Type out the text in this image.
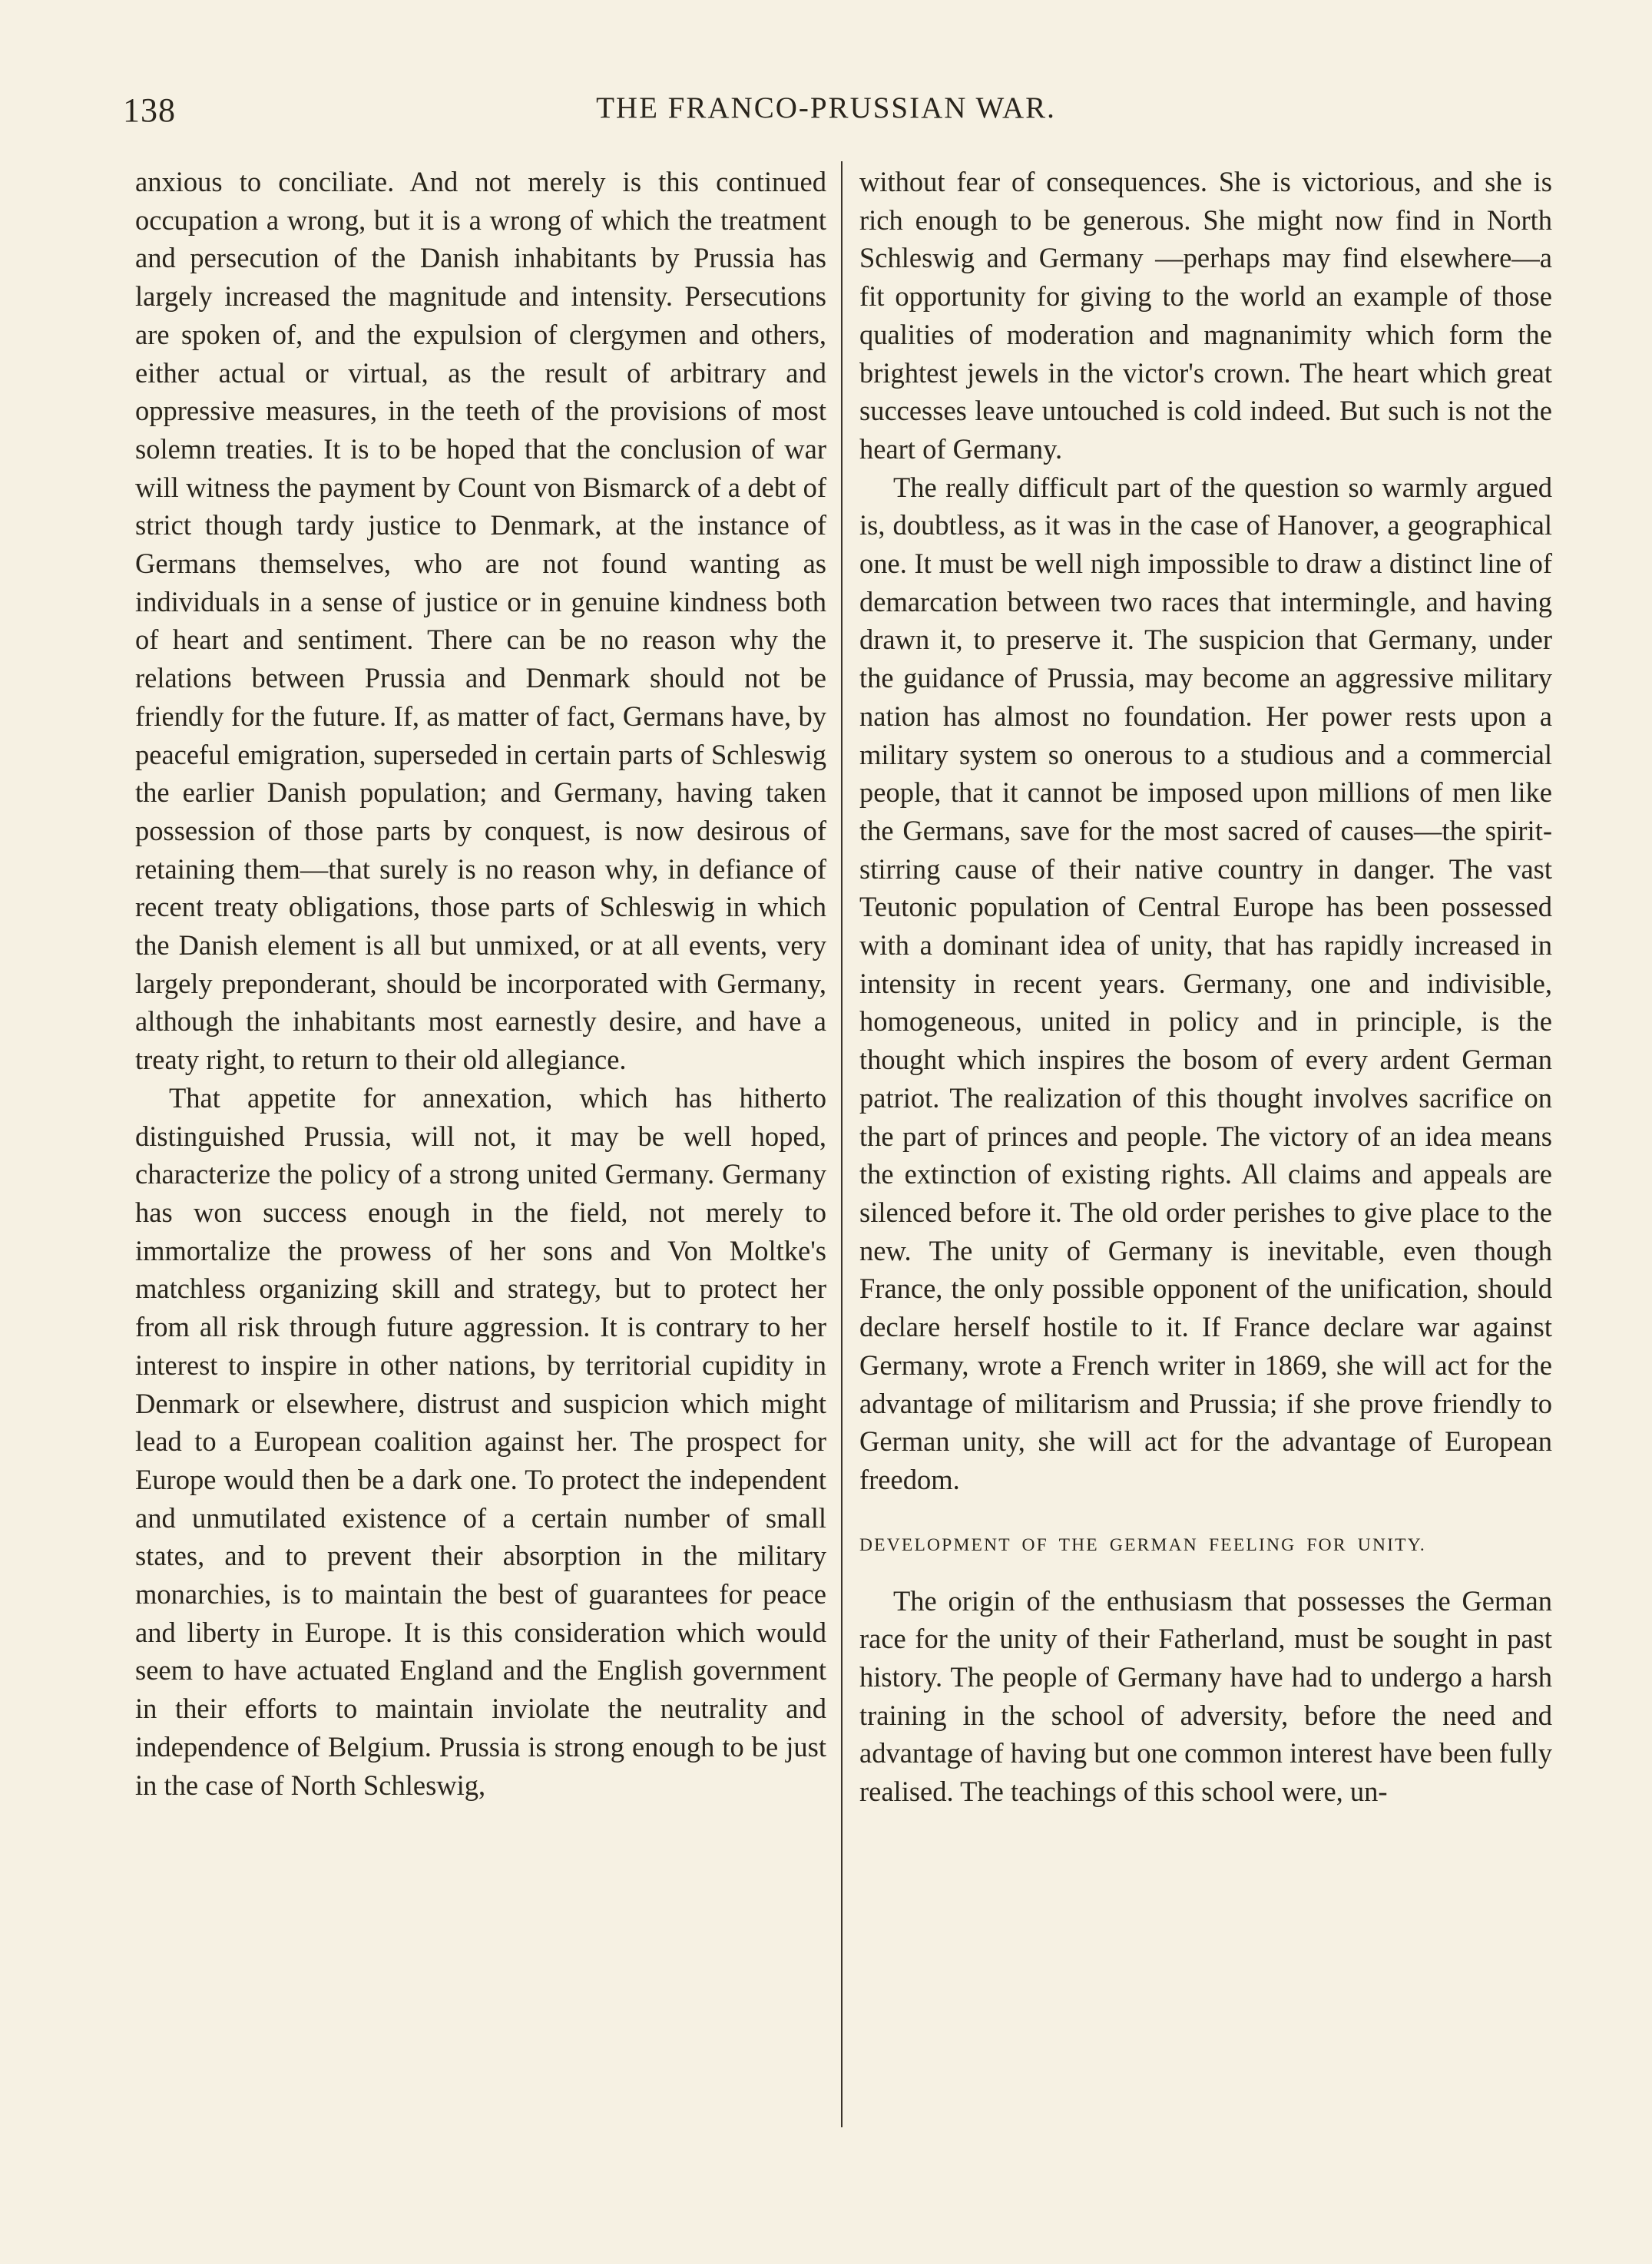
138	THE FRANCO-PRUSSIAN WAR.

anxious to conciliate. And not merely is this continued occupation a wrong, but it is a wrong of which the treatment and persecution of the Danish inhabitants by Prussia has largely increased the magnitude and intensity. Persecutions are spoken of, and the expulsion of clergymen and others, either actual or virtual, as the result of arbitrary and oppressive measures, in the teeth of the provisions of most solemn treaties. It is to be hoped that the conclusion of war will witness the payment by Count von Bismarck of a debt of strict though tardy justice to Denmark, at the instance of Germans themselves, who are not found wanting as individuals in a sense of justice or in genuine kindness both of heart and sentiment. There can be no reason why the relations between Prussia and Denmark should not be friendly for the future. If, as matter of fact, Germans have, by peaceful emigration, superseded in certain parts of Schleswig the earlier Danish population; and Germany, having taken possession of those parts by conquest, is now desirous of retaining them—that surely is no reason why, in defiance of recent treaty obligations, those parts of Schleswig in which the Danish element is all but unmixed, or at all events, very largely preponderant, should be incorporated with Germany, although the inhabitants most earnestly desire, and have a treaty right, to return to their old allegiance.

That appetite for annexation, which has hitherto distinguished Prussia, will not, it may be well hoped, characterize the policy of a strong united Germany. Germany has won success enough in the field, not merely to immortalize the prowess of her sons and Von Moltke's matchless organizing skill and strategy, but to protect her from all risk through future aggression. It is contrary to her interest to inspire in other nations, by territorial cupidity in Denmark or elsewhere, distrust and suspicion which might lead to a European coalition against her. The prospect for Europe would then be a dark one. To protect the independent and unmutilated existence of a certain number of small states, and to prevent their absorption in the military monarchies, is to maintain the best of guarantees for peace and liberty in Europe. It is this consideration which would seem to have actuated England and the English government in their efforts to maintain inviolate the neutrality and independence of Belgium. Prussia is strong enough to be just in the case of North Schleswig,

without fear of consequences. She is victorious, and she is rich enough to be generous. She might now find in North Schleswig and Germany —perhaps may find elsewhere—a fit opportunity for giving to the world an example of those qualities of moderation and magnanimity which form the brightest jewels in the victor's crown. The heart which great successes leave untouched is cold indeed. But such is not the heart of Germany.

The really difficult part of the question so warmly argued is, doubtless, as it was in the case of Hanover, a geographical one. It must be well nigh impossible to draw a distinct line of demarcation between two races that intermingle, and having drawn it, to preserve it. The suspicion that Germany, under the guidance of Prussia, may become an aggressive military nation has almost no foundation. Her power rests upon a military system so onerous to a studious and a commercial people, that it cannot be imposed upon millions of men like the Germans, save for the most sacred of causes—the spirit-stirring cause of their native country in danger. The vast Teutonic population of Central Europe has been possessed with a dominant idea of unity, that has rapidly increased in intensity in recent years. Germany, one and indivisible, homogeneous, united in policy and in principle, is the thought which inspires the bosom of every ardent German patriot. The realization of this thought involves sacrifice on the part of princes and people. The victory of an idea means the extinction of existing rights. All claims and appeals are silenced before it. The old order perishes to give place to the new. The unity of Germany is inevitable, even though France, the only possible opponent of the unification, should declare herself hostile to it. If France declare war against Germany, wrote a French writer in 1869, she will act for the advantage of militarism and Prussia; if she prove friendly to German unity, she will act for the advantage of European freedom.

DEVELOPMENT OF THE GERMAN FEELING FOR UNITY.

The origin of the enthusiasm that possesses the German race for the unity of their Fatherland, must be sought in past history. The people of Germany have had to undergo a harsh training in the school of adversity, before the need and advantage of having but one common interest have been fully realised. The teachings of this school were, un-
